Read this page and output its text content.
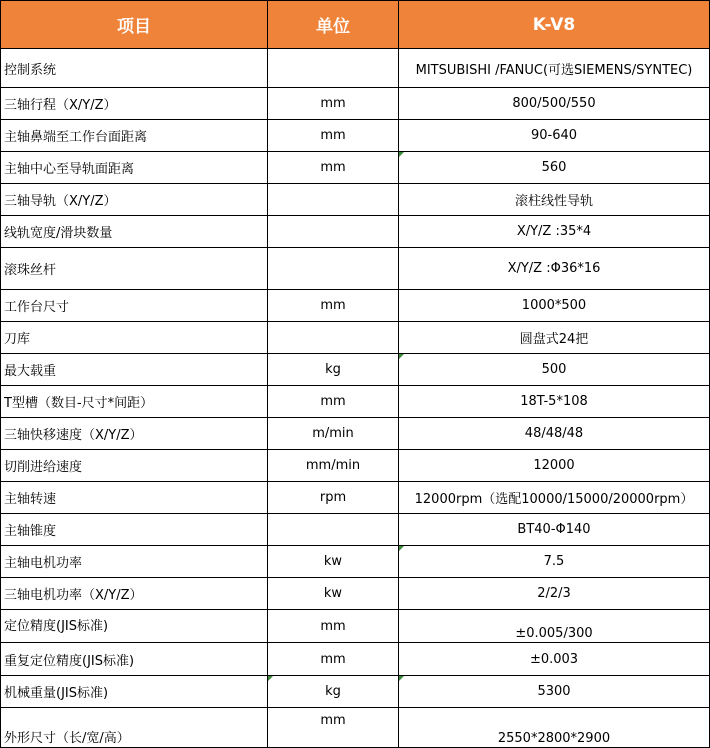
项目	单位	K-V8
控制系统		MITSUBISHI /FANUC(可选SIEMENS/SYNTEC)
三轴行程（X/Y/Z）	mm	800/500/550
主轴鼻端至工作台面距离	mm	90-640
主轴中心至导轨面距离	mm	560
三轴导轨（X/Y/Z）		滚柱线性导轨
线轨宽度/滑块数量		X/Y/Z :35*4
滚珠丝杆		X/Y/Z :Φ36*16
工作台尺寸	mm	1000*500
刀库		圆盘式24把
最大载重	kg	500
T型槽（数目-尺寸*间距）	mm	18T-5*108
三轴快移速度（X/Y/Z）	m/min	48/48/48
切削进给速度	mm/min	12000
主轴转速	rpm	12000rpm（选配10000/15000/20000rpm）
主轴锥度		BT40-Φ140
主轴电机功率	kw	7.5
三轴电机功率（X/Y/Z）	kw	2/2/3
定位精度(JIS标准)	mm	±0.005/300
重复定位精度(JIS标准)	mm	±0.003
机械重量(JIS标准)	kg	5300
外形尺寸（长/宽/高）	mm	2550*2800*2900
